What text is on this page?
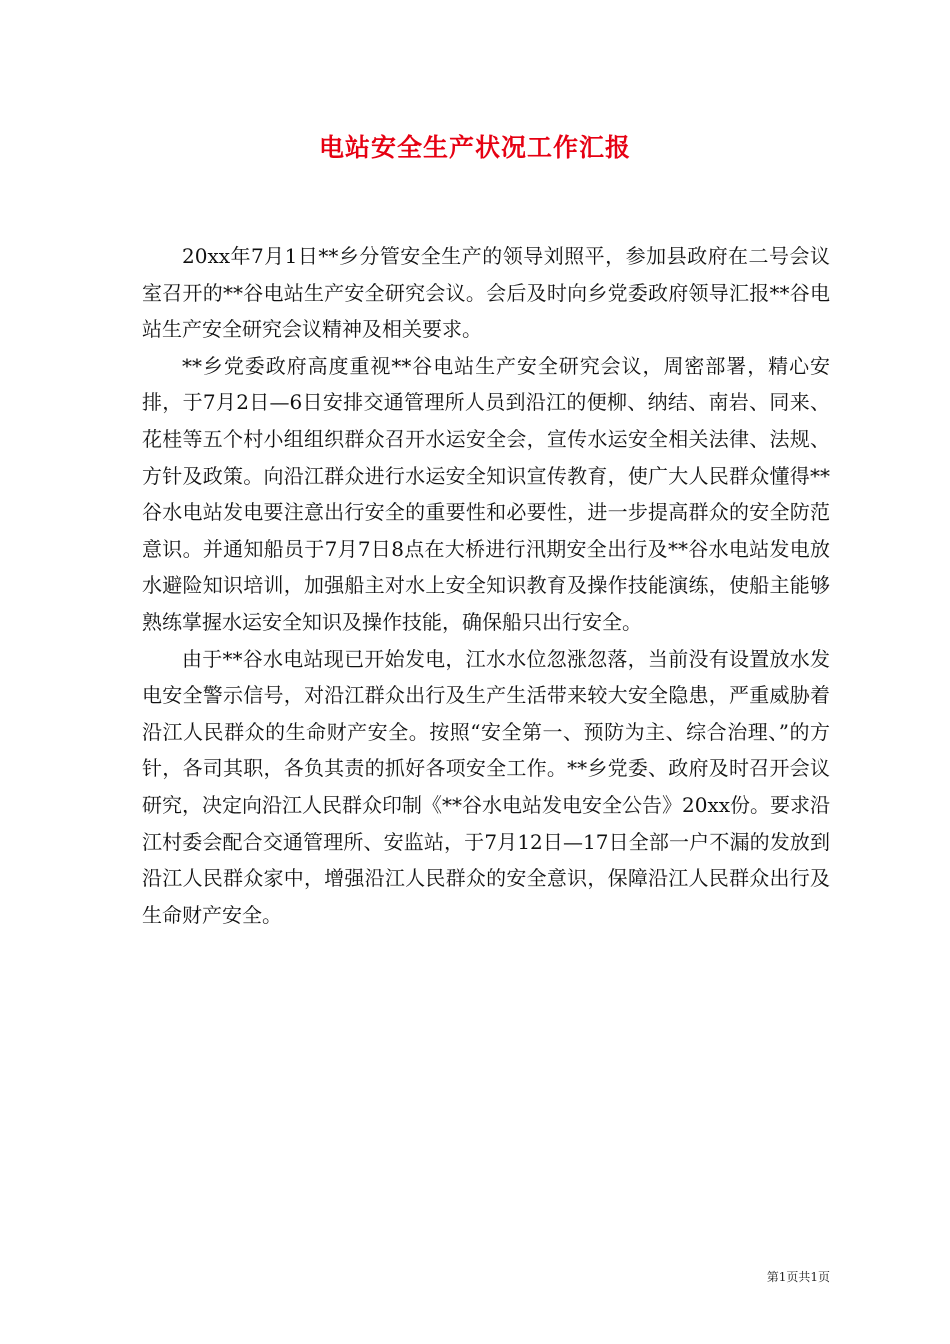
电站安全生产状况工作汇报

20xx年7月1日**乡分管安全生产的领导刘照平，参加县政府在二号会议室召开的**谷电站生产安全研究会议。会后及时向乡党委政府领导汇报**谷电站生产安全研究会议精神及相关要求。

**乡党委政府高度重视**谷电站生产安全研究会议，周密部署，精心安排，于7月2日—6日安排交通管理所人员到沿江的便柳、纳结、南岩、同来、花桂等五个村小组组织群众召开水运安全会，宣传水运安全相关法律、法规、方针及政策。向沿江群众进行水运安全知识宣传教育，使广大人民群众懂得**谷水电站发电要注意出行安全的重要性和必要性，进一步提高群众的安全防范意识。并通知船员于7月7日8点在大桥进行汛期安全出行及**谷水电站发电放水避险知识培训，加强船主对水上安全知识教育及操作技能演练，使船主能够熟练掌握水运安全知识及操作技能，确保船只出行安全。

由于**谷水电站现已开始发电，江水水位忽涨忽落，当前没有设置放水发电安全警示信号，对沿江群众出行及生产生活带来较大安全隐患，严重威胁着沿江人民群众的生命财产安全。按照“安全第一、预防为主、综合治理、”的方针，各司其职，各负其责的抓好各项安全工作。**乡党委、政府及时召开会议研究，决定向沿江人民群众印制《**谷水电站发电安全公告》20xx份。要求沿江村委会配合交通管理所、安监站，于7月12日—17日全部一户不漏的发放到沿江人民群众家中，增强沿江人民群众的安全意识，保障沿江人民群众出行及生命财产安全。

第1页共1页
